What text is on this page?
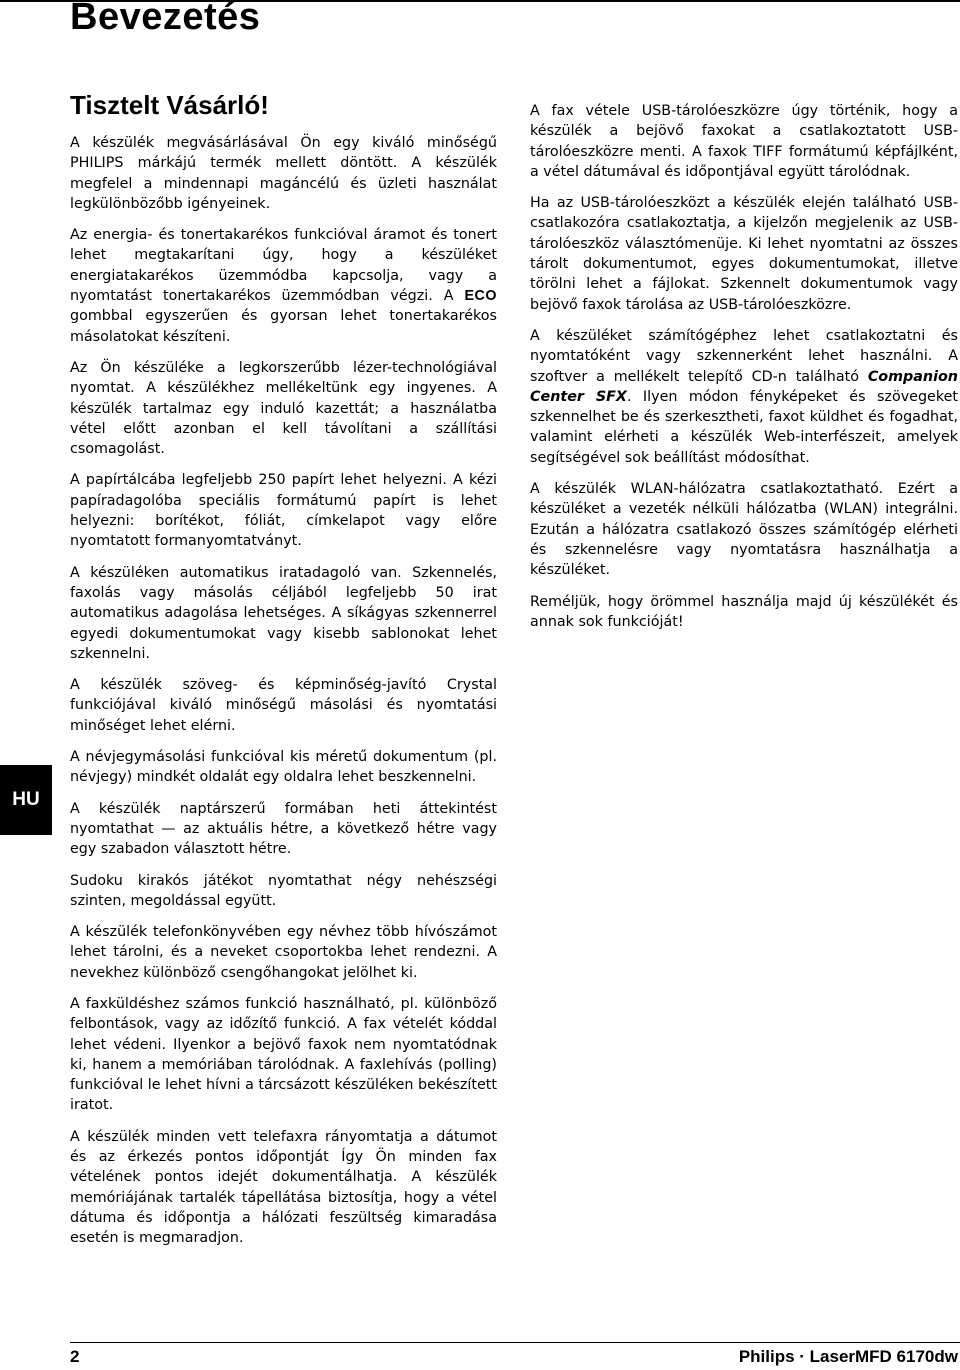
Bevezetés
Tisztelt Vásárló!

A készülék megvásárlásával Ön egy kiváló minőségű PHILIPS márkájú termék mellett döntött. A készülék megfelel a mindennapi magáncélú és üzleti használat legkülönbözőbb igényeinek.

Az energia- és tonertakarékos funkcióval áramot és tonert lehet megtakarítani úgy, hogy a készüléket energiatakarékos üzemmódba kapcsolja, vagy a nyomtatást tonertakarékos üzemmódban végzi. A ECO gombbal egyszerűen és gyorsan lehet tonertakarékos másolatokat készíteni.

Az Ön készüléke a legkorszerűbb lézer-technológiával nyomtat. A készülékhez mellékeltünk egy ingyenes. A készülék tartalmaz egy induló kazettát; a használatba vétel előtt azonban el kell távolítani a szállítási csomagolást.

A papírtálcába legfeljebb 250 papírt lehet helyezni. A kézi papíradagolóba speciális formátumú papírt is lehet helyezni: borítékot, fóliát, címkelapot vagy előre nyomtatott formanyomtatványt.

A készüléken automatikus iratadagoló van. Szkennelés, faxolás vagy másolás céljából legfeljebb 50 irat automatikus adagolása lehetséges. A síkágyas szkennerrel egyedi dokumentumokat vagy kisebb sablonokat lehet szkennelni.

A készülék szöveg- és képminőség-javító Crystal funkciójával kiváló minőségű másolási és nyomtatási minőséget lehet elérni.

A névjegymásolási funkcióval kis méretű dokumentum (pl. névjegy) mindkét oldalát egy oldalra lehet beszkennelni.

A készülék naptárszerű formában heti áttekintést nyomtathat — az aktuális hétre, a következő hétre vagy egy szabadon választott hétre.

Sudoku kirakós játékot nyomtathat négy nehészségi szinten, megoldással együtt.

A készülék telefonkönyvében egy névhez több hívószámot lehet tárolni, és a neveket csoportokba lehet rendezni. A nevekhez különböző csengőhangokat jelölhet ki.

A faxküldéshez számos funkció használható, pl. különböző felbontások, vagy az időzítő funkció. A fax vételét kóddal lehet védeni. Ilyenkor a bejövő faxok nem nyomtatódnak ki, hanem a memóriában tárolódnak. A faxlehívás (polling) funkcióval le lehet hívni a tárcsázott készüléken bekészített iratot.

A készülék minden vett telefaxra rányomtatja a dátumot és az érkezés pontos időpontját Így Ön minden fax vételének pontos idejét dokumentálhatja. A készülék memóriájának tartalék tápellátása biztosítja, hogy a vétel dátuma és időpontja a hálózati feszültség kimaradása esetén is megmaradjon.

A fax vétele USB-tárolóeszközre úgy történik, hogy a készülék a bejövő faxokat a csatlakoztatott USB-tárolóeszközre menti. A faxok TIFF formátumú képfájlként, a vétel dátumával és időpontjával együtt tárolódnak.

Ha az USB-tárolóeszközt a készülék elején található USB-csatlakozóra csatlakoztatja, a kijelzőn megjelenik az USB-tárolóeszköz választómenüje. Ki lehet nyomtatni az összes tárolt dokumentumot, egyes dokumentumokat, illetve törölni lehet a fájlokat. Szkennelt dokumentumok vagy bejövő faxok tárolása az USB-tárolóeszközre.

A készüléket számítógéphez lehet csatlakoztatni és nyomtatóként vagy szkennerként lehet használni. A szoftver a mellékelt telepítő CD-n található Companion Center SFX. Ilyen módon fényképeket és szövegeket szkennelhet be és szerkesztheti, faxot küldhet és fogadhat, valamint elérheti a készülék Web-interfészeit, amelyek segítségével sok beállítást módosíthat.

A készülék WLAN-hálózatra csatlakoztatható. Ezért a készüléket a vezeték nélküli hálózatba (WLAN) integrálni. Ezután a hálózatra csatlakozó összes számítógép elérheti és szkennelésre vagy nyomtatásra használhatja a készüléket.

Reméljük, hogy örömmel használja majd új készülékét és annak sok funkcióját!

HU
2	Philips · LaserMFD 6170dw
